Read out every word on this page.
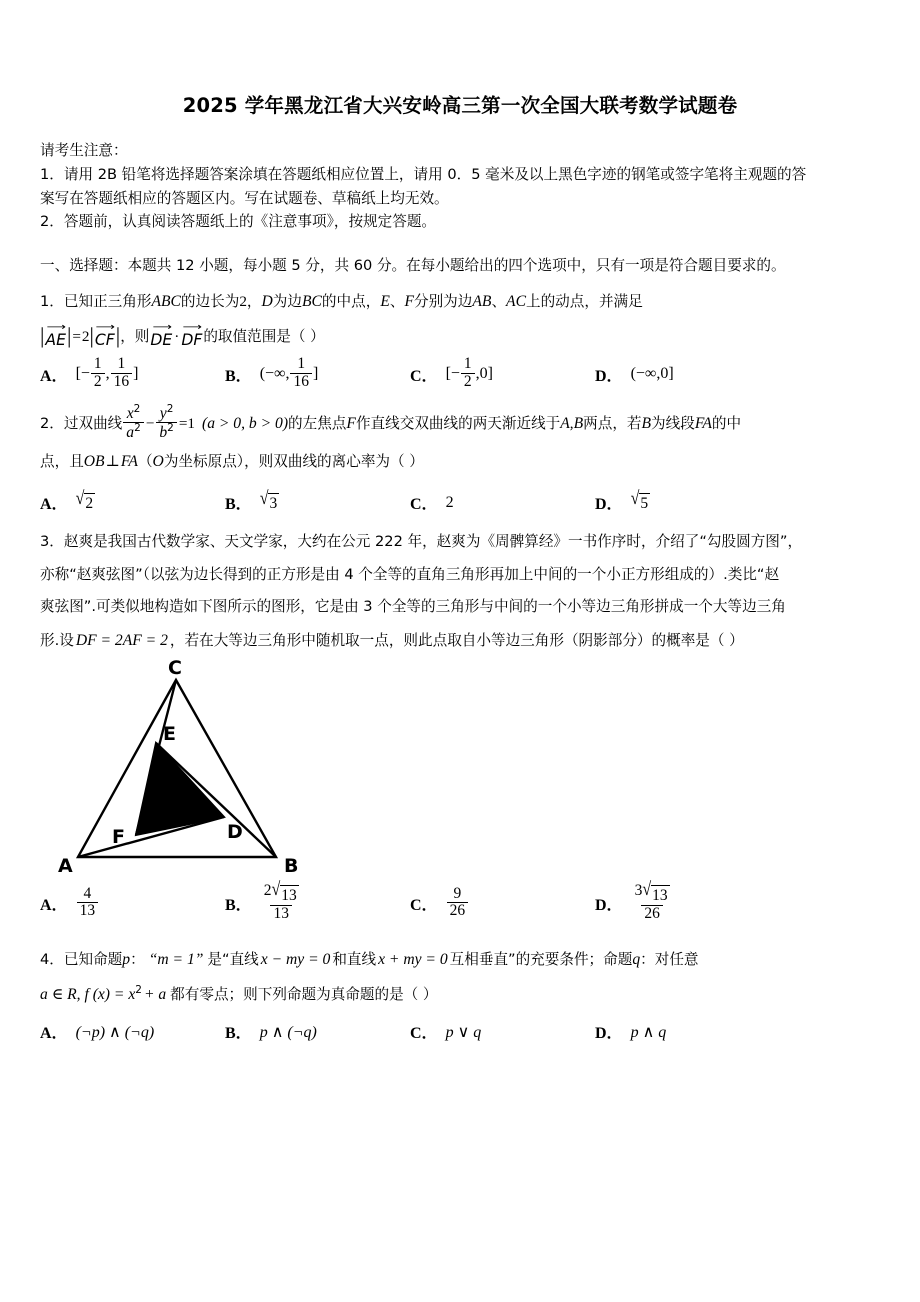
2025 学年黑龙江省大兴安岭高三第一次全国大联考数学试题卷

请考生注意：

1．请用 2B 铅笔将选择题答案涂填在答题纸相应位置上，请用 0．5 毫米及以上黑色字迹的钢笔或签字笔将主观题的答

案写在答题纸相应的答题区内。写在试题卷、草稿纸上均无效。

2．答题前，认真阅读答题纸上的《注意事项》，按规定答题。

一、选择题：本题共 12 小题，每小题 5 分，共 60 分。在每小题给出的四个选项中，只有一项是符合题目要求的。
1．已知正三角形ABC的边长为2，D为边BC的中点，E、F分别为边AB、AC上的动点，并满足
| ⟶
AE | = 2 | ⟶
CF | ，则
⟶
DE ·
⟶
DF 的取值范围是（ ）
A． [ − $\frac{1}{2}$ , $\frac{1}{16}$ ]	B． ( −∞ , $\frac{1}{16}$ ]	C． [ − $\frac{1}{2}$ , 0 ]	D． ( −∞ , 0 ]
2．过双曲线 $\frac{x^2}{a^2} - \frac{y^2}{b^2} =1$ (a > 0, b > 0)的左焦点F作直线交双曲线的两天渐近线于A,B两点，若B为线段FA的中
点，且OB⊥FA（O为坐标原点），则双曲线的离心率为（ ）
A． √ 2	B． √ 3	C． 2	D． √ 5
3．赵爽是我国古代数学家、天文学家，大约在公元 222 年，赵爽为《周髀算经》一书作序时，介绍了“勾股圆方图”，
亦称“赵爽弦图”（以弦为边长得到的正方形是由 4 个全等的直角三角形再加上中间的一个小正方形组成的）.类比“赵
爽弦图”.可类似地构造如下图所示的图形，它是由 3 个全等的三角形与中间的一个小等边三角形拼成一个大等边三角
形.设 DF = 2AF = 2 ，若在大等边三角形中随机取一点，则此点取自小等边三角形（阴影部分）的概率是（ ）
C
A	B
E
D
F
A． $\frac{4}{13}$	B． $\frac{2 √ 13}{13}$	C． $\frac{9}{26}$	D． $\frac{3 √ 13}{26}$
4．已知命题p： “m = 1” 是“直线 x − my = 0 和直线 x + my = 0 互相垂直”的充要条件；命题q：对任意
a ∈ R, f $(x) = x^2 + a$ 都有零点；则下列命题为真命题的是（ ）
A． (¬p) ∧ (¬q)	B． p ∧ (¬q)	C． p ∨ q	D． p ∧ q
